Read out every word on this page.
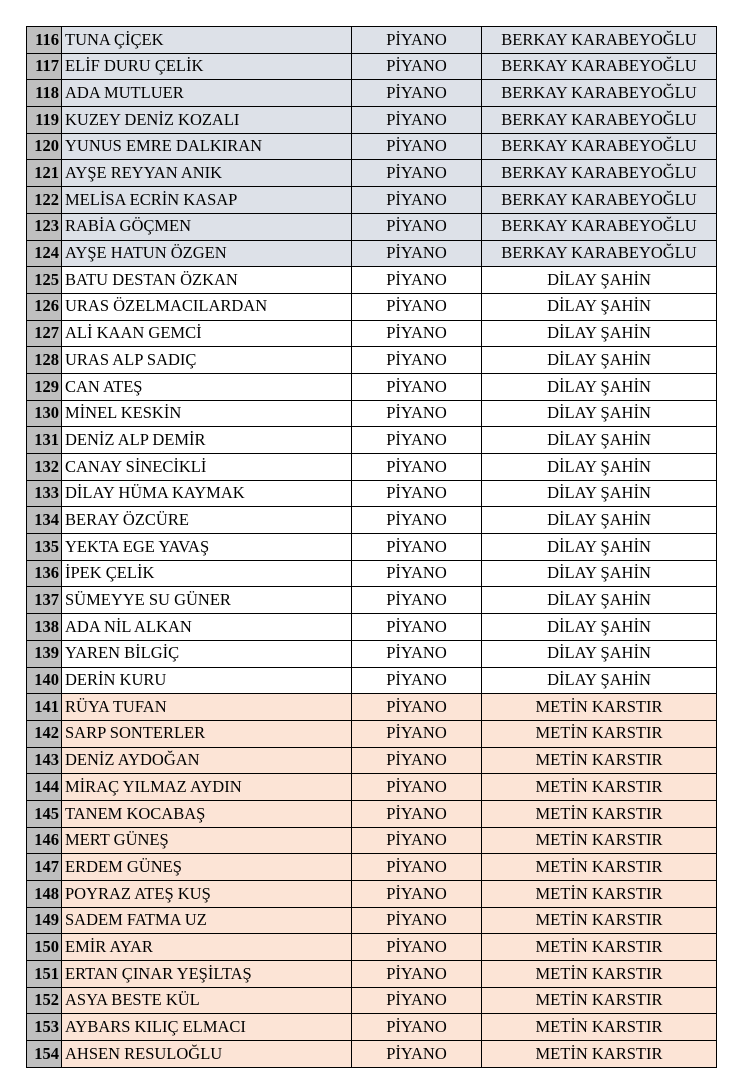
116	TUNA ÇİÇEK	PİYANO	BERKAY KARABEYOĞLU
117	ELİF DURU ÇELİK	PİYANO	BERKAY KARABEYOĞLU
118	ADA MUTLUER	PİYANO	BERKAY KARABEYOĞLU
119	KUZEY DENİZ KOZALI	PİYANO	BERKAY KARABEYOĞLU
120	YUNUS EMRE DALKIRAN	PİYANO	BERKAY KARABEYOĞLU
121	AYŞE REYYAN ANIK	PİYANO	BERKAY KARABEYOĞLU
122	MELİSA ECRİN KASAP	PİYANO	BERKAY KARABEYOĞLU
123	RABİA GÖÇMEN	PİYANO	BERKAY KARABEYOĞLU
124	AYŞE HATUN ÖZGEN	PİYANO	BERKAY KARABEYOĞLU
125	BATU DESTAN ÖZKAN	PİYANO	DİLAY ŞAHİN
126	URAS ÖZELMACILARDAN	PİYANO	DİLAY ŞAHİN
127	ALİ KAAN GEMCİ	PİYANO	DİLAY ŞAHİN
128	URAS ALP SADIÇ	PİYANO	DİLAY ŞAHİN
129	CAN ATEŞ	PİYANO	DİLAY ŞAHİN
130	MİNEL KESKİN	PİYANO	DİLAY ŞAHİN
131	DENİZ ALP DEMİR	PİYANO	DİLAY ŞAHİN
132	CANAY SİNECİKLİ	PİYANO	DİLAY ŞAHİN
133	DİLAY HÜMA KAYMAK	PİYANO	DİLAY ŞAHİN
134	BERAY ÖZCÜRE	PİYANO	DİLAY ŞAHİN
135	YEKTA EGE YAVAŞ	PİYANO	DİLAY ŞAHİN
136	İPEK ÇELİK	PİYANO	DİLAY ŞAHİN
137	SÜMEYYE SU GÜNER	PİYANO	DİLAY ŞAHİN
138	ADA NİL ALKAN	PİYANO	DİLAY ŞAHİN
139	YAREN BİLGİÇ	PİYANO	DİLAY ŞAHİN
140	DERİN KURU	PİYANO	DİLAY ŞAHİN
141	RÜYA TUFAN	PİYANO	METİN KARSTIR
142	SARP SONTERLER	PİYANO	METİN KARSTIR
143	DENİZ AYDOĞAN	PİYANO	METİN KARSTIR
144	MİRAÇ YILMAZ AYDIN	PİYANO	METİN KARSTIR
145	TANEM KOCABAŞ	PİYANO	METİN KARSTIR
146	MERT GÜNEŞ	PİYANO	METİN KARSTIR
147	ERDEM GÜNEŞ	PİYANO	METİN KARSTIR
148	POYRAZ ATEŞ KUŞ	PİYANO	METİN KARSTIR
149	SADEM FATMA UZ	PİYANO	METİN KARSTIR
150	EMİR AYAR	PİYANO	METİN KARSTIR
151	ERTAN ÇINAR YEŞİLTAŞ	PİYANO	METİN KARSTIR
152	ASYA BESTE KÜL	PİYANO	METİN KARSTIR
153	AYBARS KILIÇ ELMACI	PİYANO	METİN KARSTIR
154	AHSEN RESULOĞLU	PİYANO	METİN KARSTIR
